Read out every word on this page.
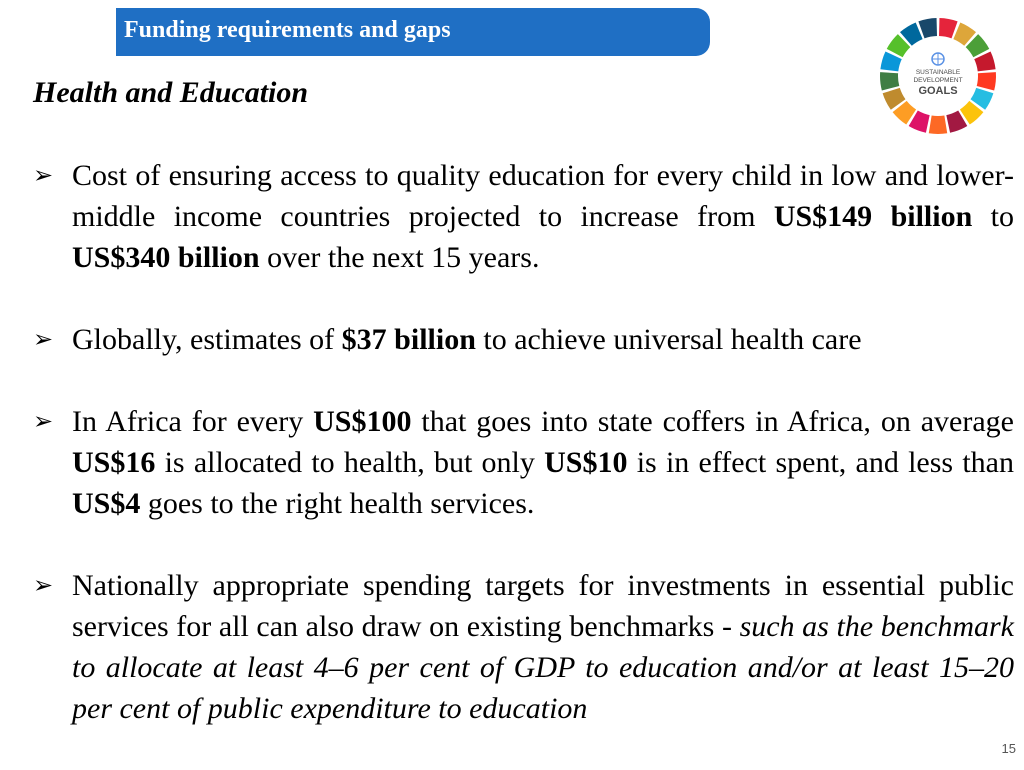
Funding requirements and gaps
Health and Education
SUSTAINABLE
DEVELOPMENT
GOALS
➢ Cost of ensuring access to quality education for every child in low and lower-middle income countries projected to increase from US$149 billion to US$340 billion over the next 15 years.
➢ Globally, estimates of $37 billion to achieve universal health care
➢ In Africa for every US$100 that goes into state coffers in Africa, on average US$16 is allocated to health, but only US$10 is in effect spent, and less than US$4 goes to the right health services.
➢ Nationally appropriate spending targets for investments in essential public services for all can also draw on existing benchmarks - such as the benchmark to allocate at least 4–6 per cent of GDP to education and/or at least 15–20 per cent of public expenditure to education
15
